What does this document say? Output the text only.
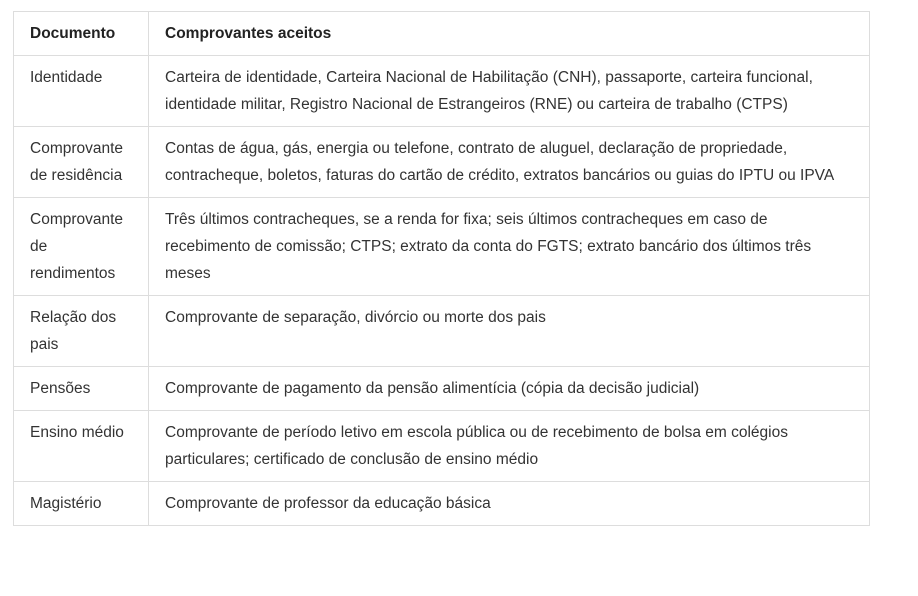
Documento	Comprovantes aceitos
Identidade	Carteira de identidade, Carteira Nacional de Habilitação (CNH), passaporte, carteira funcional, identidade militar, Registro Nacional de Estrangeiros (RNE) ou carteira de trabalho (CTPS)
Comprovante de residência	Contas de água, gás, energia ou telefone, contrato de aluguel, declaração de propriedade, contracheque, boletos, faturas do cartão de crédito, extratos bancários ou guias do IPTU ou IPVA
Comprovante de rendimentos	Três últimos contracheques, se a renda for fixa; seis últimos contracheques em caso de recebimento de comissão; CTPS; extrato da conta do FGTS; extrato bancário dos últimos três meses
Relação dos pais	Comprovante de separação, divórcio ou morte dos pais
Pensões	Comprovante de pagamento da pensão alimentícia (cópia da decisão judicial)
Ensino médio	Comprovante de período letivo em escola pública ou de recebimento de bolsa em colégios particulares; certificado de conclusão de ensino médio
Magistério	Comprovante de professor da educação básica
